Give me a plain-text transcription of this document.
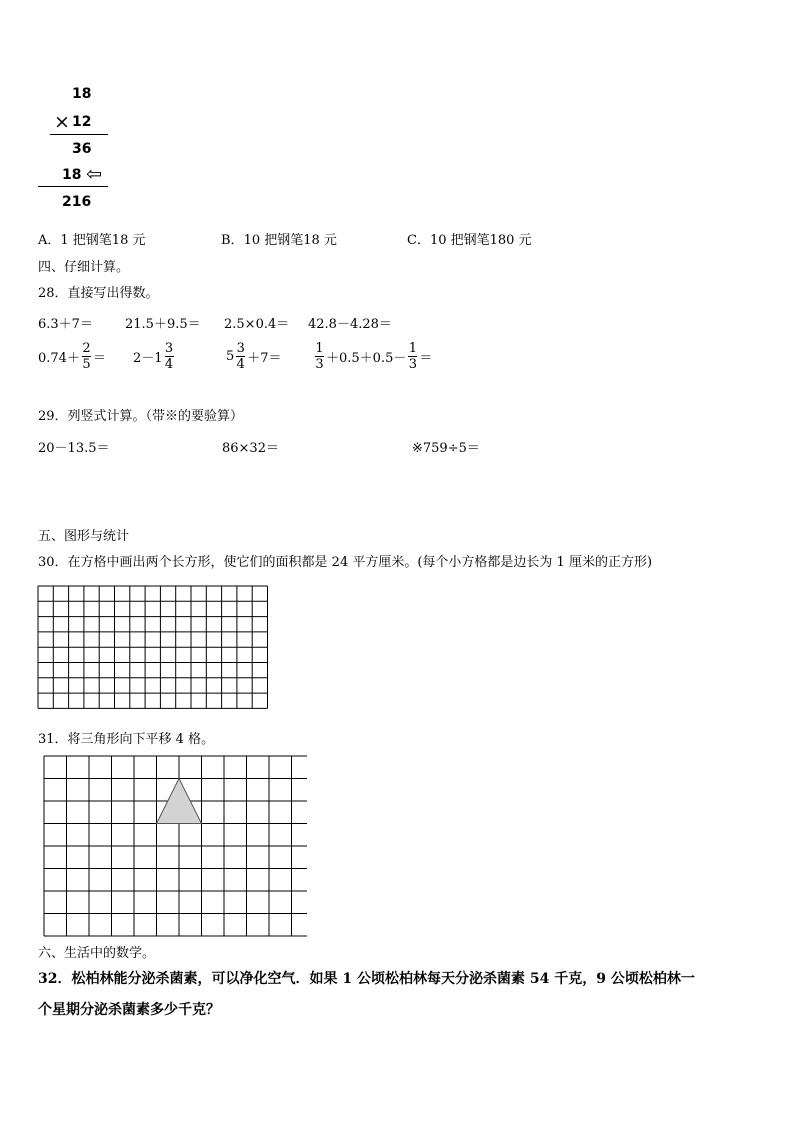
18
× 12
36
18 ⇦
216
A． 1 把钢笔18 元	B． 10 把钢笔18 元	C． 10 把钢笔180 元
四、仔细计算。
28．直接写出得数。
6.3＋7＝ 21.5＋9.5＝ 2.5×0.4＝ 42.8－4.28＝
$0.74+ \frac{2}{5} = 2-1 \frac{3}{4}$	$5 \frac{3}{4} +7=$	$\frac{1}{3} +0.5+0.5- \frac{1}{3}$ ＝
29．列竖式计算。（带※的要验算）
20－13.5＝	86×32＝	※759÷5＝
五、图形与统计
30．在方格中画出两个长方形，使它们的面积都是 24 平方厘米。(每个小方格都是边长为 1 厘米的正方形)
31．将三角形向下平移 4 格。
六、生活中的数学。
32．松柏林能分泌杀菌素，可以净化空气．如果 1 公顷松柏林每天分泌杀菌素 54 千克，9 公顷松柏林一
个星期分泌杀菌素多少千克？
